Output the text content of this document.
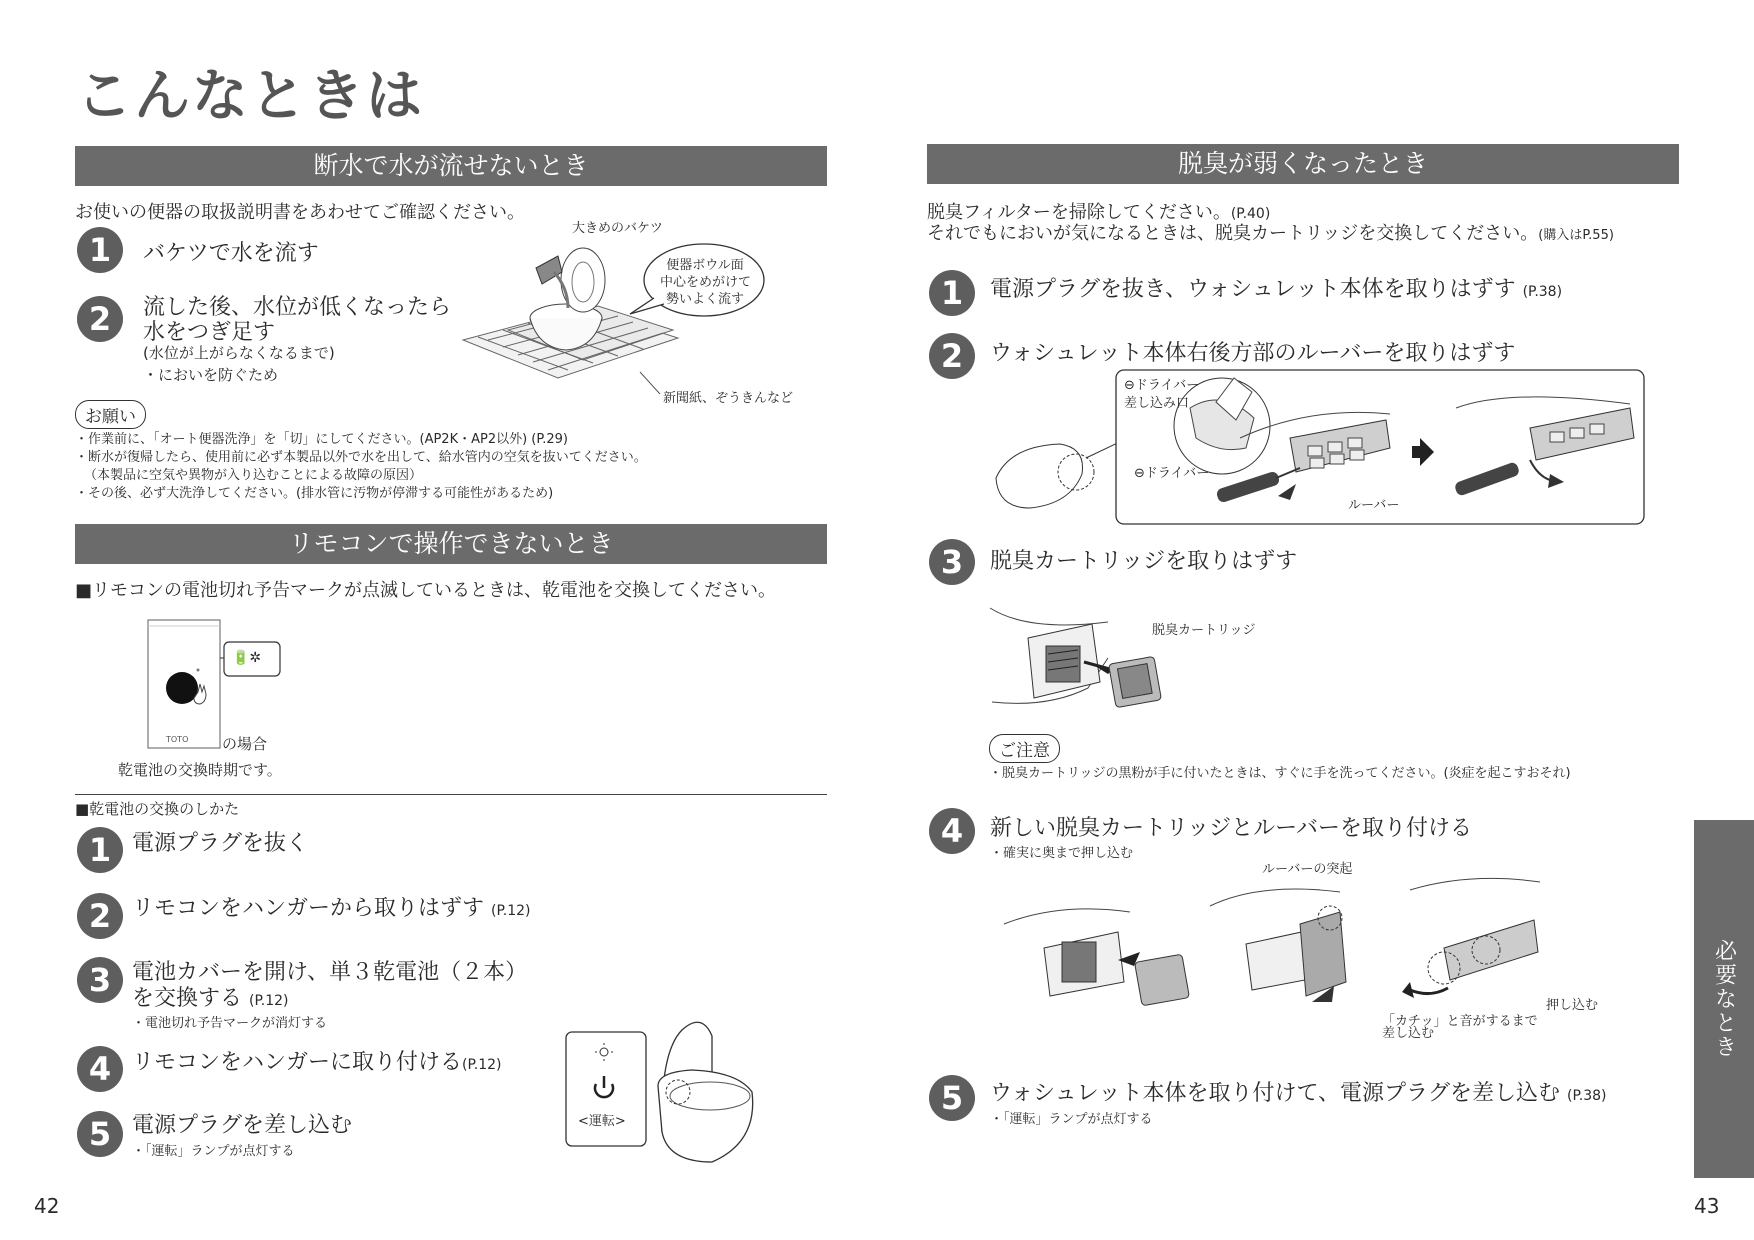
こんなときは
断水で水が流せないとき
お使いの便器の取扱説明書をあわせてご確認ください。
1	バケツで水を流す
2	流した後、水位が低くなったら
水をつぎ足す
(水位が上がらなくなるまで)
・においを防ぐため
大きめのバケツ
便器ボウル面
中心をめがけて
勢いよく流す
新聞紙、ぞうきんなど
お願い
・作業前に、「オート便器洗浄」を「切」にしてください。(AP2K・AP2以外) (P.29)
・断水が復帰したら、使用前に必ず本製品以外で水を出して、給水管内の空気を抜いてください。
（本製品に空気や異物が入り込むことによる故障の原因）
・その後、必ず大洗浄してください。(排水管に汚物が停滞する可能性があるため)
リモコンで操作できないとき
■リモコンの電池切れ予告マークが点滅しているときは、乾電池を交換してください。
TOTO
🔋✲
の場合
乾電池の交換時期です。
■乾電池の交換のしかた
1 電源プラグを抜く
2 リモコンをハンガーから取りはずす (P.12)
3 電池カバーを開け、単３乾電池（２本）
を交換する (P.12)
・電池切れ予告マークが消灯する
4 リモコンをハンガーに取り付ける(P.12)
5 電源プラグを差し込む
・「運転」ランプが点灯する
<運転>
42
脱臭が弱くなったとき
脱臭フィルターを掃除してください。(P.40)
それでもにおいが気になるときは、脱臭カートリッジを交換してください。(購入はP.55)
1	電源プラグを抜き、ウォシュレット本体を取りはずす (P.38)
2	ウォシュレット本体右後方部のルーバーを取りはずす
⊖ドライバー
差し込み口
⊖ドライバー
ルーバー
3	脱臭カートリッジを取りはずす
脱臭カートリッジ
ご注意
・脱臭カートリッジの黒粉が手に付いたときは、すぐに手を洗ってください。(炎症を起こすおそれ)
4	新しい脱臭カートリッジとルーバーを取り付ける
・確実に奥まで押し込む
ルーバーの突起
「カチッ」と音がするまで
差し込む
押し込む
5	ウォシュレット本体を取り付けて、電源プラグを差し込む (P.38)
・「運転」ランプが点灯する
必要なとき
43
